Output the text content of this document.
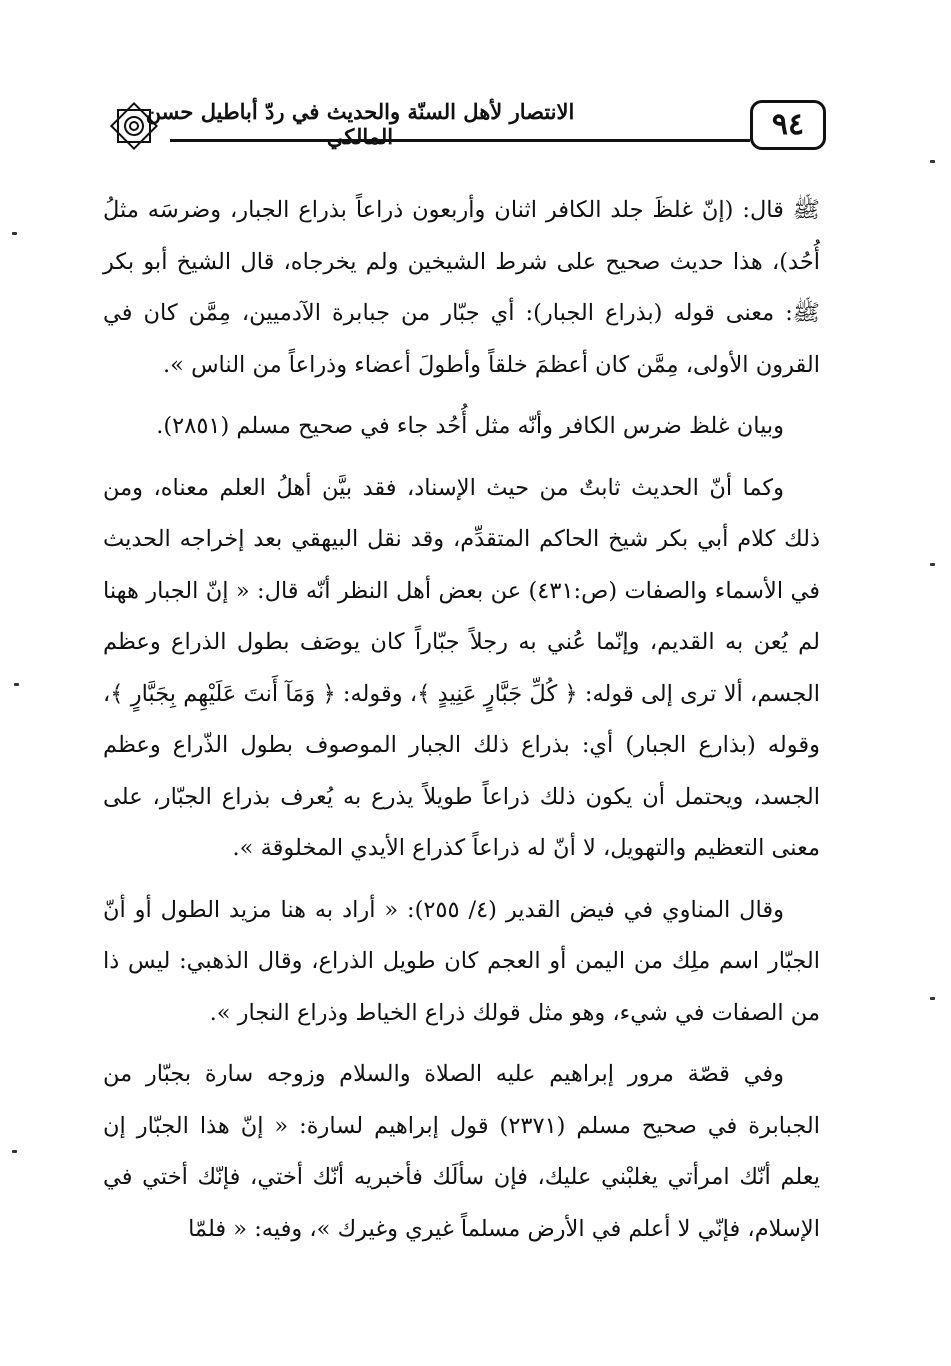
٩٤
الانتصار لأهل السنّة والحديث في ردّ أباطيل حسن المالكي

ﷺ قال: (إنّ غلظَ جلد الكافر اثنان وأربعون ذراعاً بذراع الجبار، وضرسَه مثلُ أُحُد)، هذا حديث صحيح على شرط الشيخين ولم يخرجاه، قال الشيخ أبو بكر ﷺ: معنى قوله (بذراع الجبار): أي جبّار من جبابرة الآدميين، مِمَّن كان في القرون الأولى، مِمَّن كان أعظمَ خلقاً وأطولَ أعضاء وذراعاً من الناس ».

وبيان غلظ ضرس الكافر وأنّه مثل أُحُد جاء في صحيح مسلم (٢٨٥١).

وكما أنّ الحديث ثابتٌ من حيث الإسناد، فقد بيَّن أهلُ العلم معناه، ومن ذلك كلام أبي بكر شيخ الحاكم المتقدِّم، وقد نقل البيهقي بعد إخراجه الحديث في الأسماء والصفات (ص:٤٣١) عن بعض أهل النظر أنّه قال: « إنّ الجبار ههنا لم يُعن به القديم، وإنّما عُني به رجلاً جبّاراً كان يوصَف بطول الذراع وعظم الجسم، ألا ترى إلى قوله: ﴿ كُلِّ جَبَّارٍ عَنِيدٍ ﴾، وقوله: ﴿ وَمَآ أَنتَ عَلَيْهِم بِجَبَّارٍ ﴾، وقوله (بذارع الجبار) أي: بذراع ذلك الجبار الموصوف بطول الذّراع وعظم الجسد، ويحتمل أن يكون ذلك ذراعاً طويلاً يذرع به يُعرف بذراع الجبّار، على معنى التعظيم والتهويل، لا أنّ له ذراعاً كذراع الأيدي المخلوقة ».

وقال المناوي في فيض القدير (٤/ ٢٥٥): « أراد به هنا مزيد الطول أو أنّ الجبّار اسم ملِك من اليمن أو العجم كان طويل الذراع، وقال الذهبي: ليس ذا من الصفات في شيء، وهو مثل قولك ذراع الخياط وذراع النجار ».

وفي قصّة مرور إبراهيم عليه الصلاة والسلام وزوجه سارة بجبّار من الجبابرة في صحيح مسلم (٢٣٧١) قول إبراهيم لسارة: « إنّ هذا الجبّار إن يعلم أنّك امرأتي يغلبْني عليك، فإن سألَك فأخبريه أنّك أختي، فإنّك أختي في الإسلام، فإنّي لا أعلم في الأرض مسلماً غيري وغيرك »، وفيه: « فلمّا
